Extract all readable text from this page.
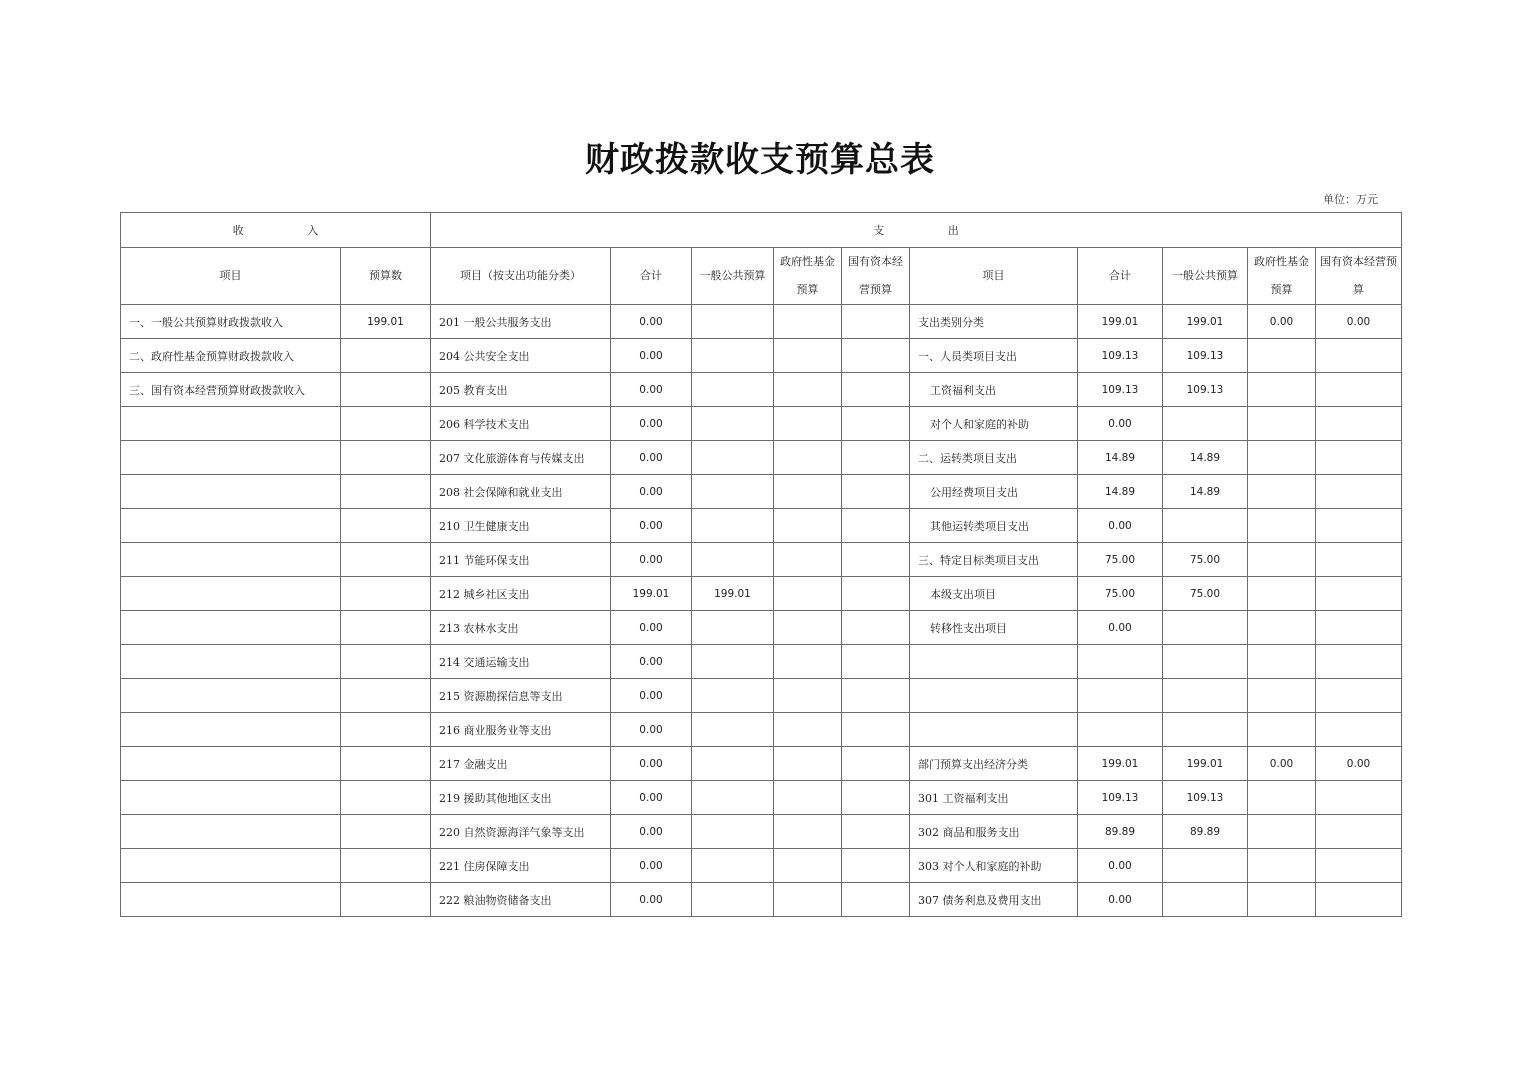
财政拨款收支预算总表
单位：万元
收 入		支 出									
项目	预算数	项目（按支出功能分类）	合计	一般公共预算	政府性基金预算	国有资本经营预算	项目	合计	一般公共预算	政府性基金预算	国有资本经营预算
一、一般公共预算财政拨款收入	199.01	201 一般公共服务支出	0.00				支出类别分类	199.01	199.01	0.00	0.00
二、政府性基金预算财政拨款收入		204 公共安全支出	0.00				一、人员类项目支出	109.13	109.13		
三、国有资本经营预算财政拨款收入		205 教育支出	0.00				工资福利支出	109.13	109.13		
		206 科学技术支出	0.00				对个人和家庭的补助	0.00			
		207 文化旅游体育与传媒支出	0.00				二、运转类项目支出	14.89	14.89		
		208 社会保障和就业支出	0.00				公用经费项目支出	14.89	14.89		
		210 卫生健康支出	0.00				其他运转类项目支出	0.00			
		211 节能环保支出	0.00				三、特定目标类项目支出	75.00	75.00		
		212 城乡社区支出	199.01	199.01			本级支出项目	75.00	75.00		
		213 农林水支出	0.00				转移性支出项目	0.00			
		214 交通运输支出	0.00								
		215 资源勘探信息等支出	0.00								
		216 商业服务业等支出	0.00								
		217 金融支出	0.00				部门预算支出经济分类	199.01	199.01	0.00	0.00
		219 援助其他地区支出	0.00				301 工资福利支出	109.13	109.13		
		220 自然资源海洋气象等支出	0.00				302 商品和服务支出	89.89	89.89		
		221 住房保障支出	0.00				303 对个人和家庭的补助	0.00			
		222 粮油物资储备支出	0.00				307 债务利息及费用支出	0.00			
